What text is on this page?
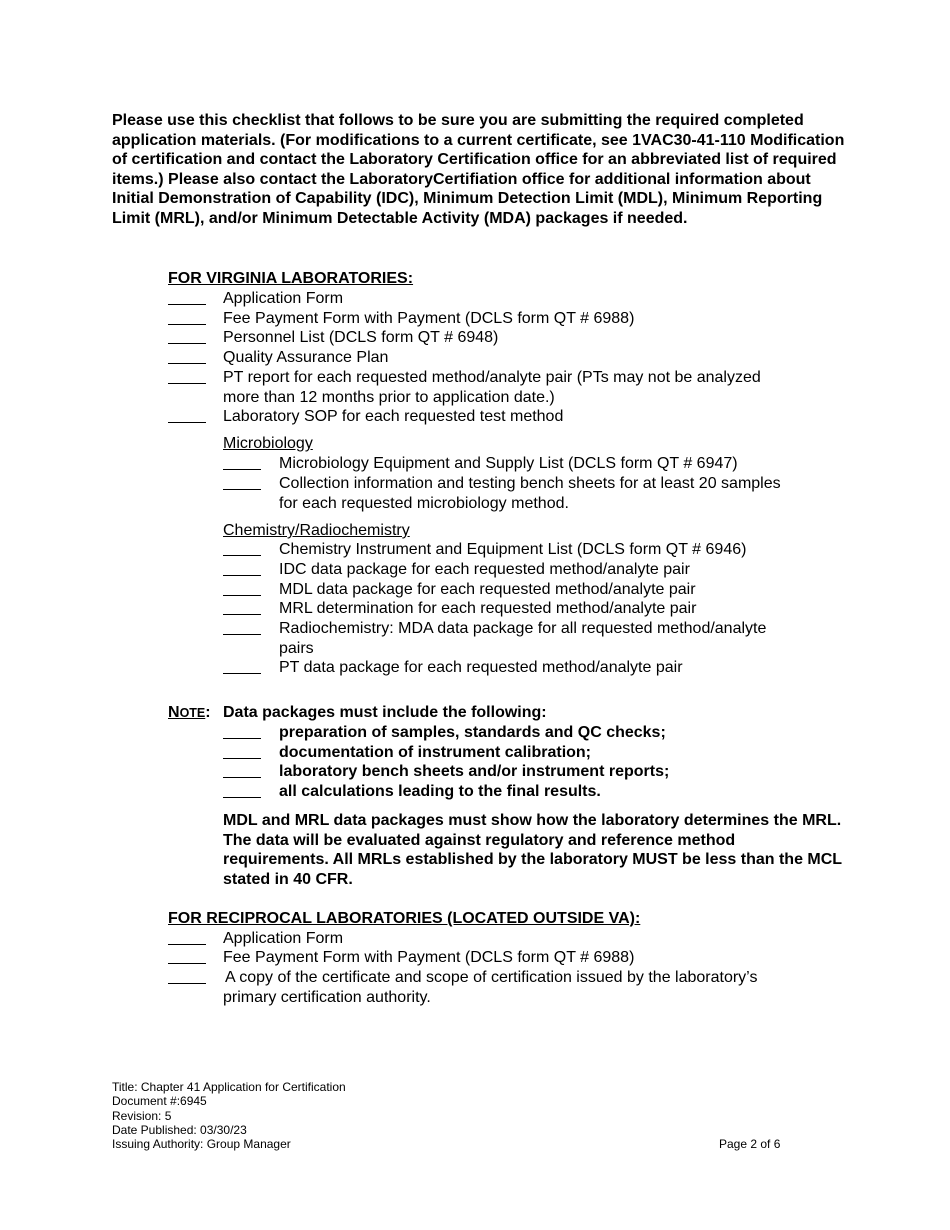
Please use this checklist that follows to be sure you are submitting the required completed application materials. (For modifications to a current certificate, see 1VAC30-41-110 Modification of certification and contact the Laboratory Certification office for an abbreviated list of required items.) Please also contact the LaboratoryCertifiation office for additional information about Initial Demonstration of Capability (IDC), Minimum Detection Limit (MDL), Minimum Reporting Limit (MRL), and/or Minimum Detectable Activity (MDA) packages if needed.
FOR VIRGINIA LABORATORIES:
Application Form
Fee Payment Form with Payment (DCLS form QT # 6988)
Personnel List (DCLS form QT # 6948)
Quality Assurance Plan
PT report for each requested method/analyte pair (PTs may not be analyzed
more than 12 months prior to application date.)
Laboratory SOP for each requested test method
Microbiology
Microbiology Equipment and Supply List (DCLS form QT # 6947)
Collection information and testing bench sheets for at least 20 samples
for each requested microbiology method.
Chemistry/Radiochemistry
Chemistry Instrument and Equipment List (DCLS form QT # 6946)
IDC data package for each requested method/analyte pair
MDL data package for each requested method/analyte pair
MRL determination for each requested method/analyte pair
Radiochemistry: MDA data package for all requested method/analyte
pairs
PT data package for each requested method/analyte pair
NOTE: Data packages must include the following:
preparation of samples, standards and QC checks;
documentation of instrument calibration;
laboratory bench sheets and/or instrument reports;
all calculations leading to the final results.
MDL and MRL data packages must show how the laboratory determines the MRL. The data will be evaluated against regulatory and reference method requirements. All MRLs established by the laboratory MUST be less than the MCL stated in 40 CFR.
FOR RECIPROCAL LABORATORIES (LOCATED OUTSIDE VA):
Application Form
Fee Payment Form with Payment (DCLS form QT # 6988)
A copy of the certificate and scope of certification issued by the laboratory’s
primary certification authority.
Title: Chapter 41 Application for Certification
Document #:6945
Revision: 5
Date Published: 03/30/23
Issuing Authority: Group Manager	Page 2 of 6
